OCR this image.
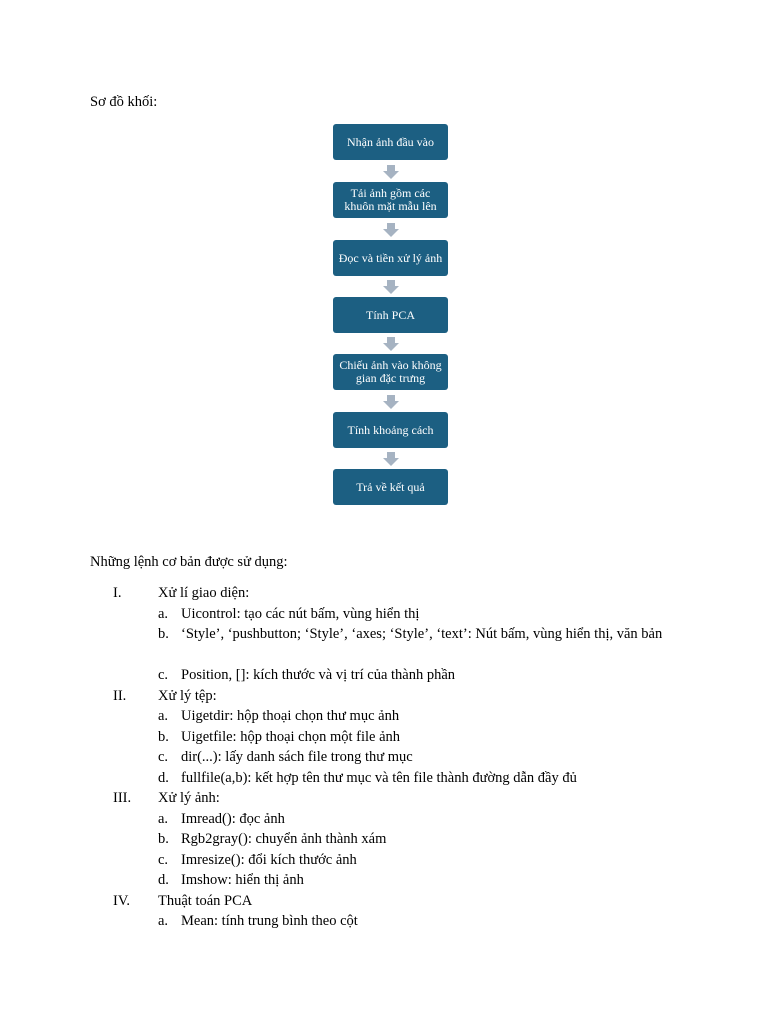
Sơ đồ khối:
Nhận ảnh đầu vào
Tải ảnh gồm các khuôn mặt mẫu lên
Đọc và tiền xử lý ảnh
Tính PCA
Chiếu ảnh vào không gian đặc trưng
Tính khoảng cách
Trả về kết quả
Những lệnh cơ bản được sử dụng:
I.	Xử lí giao diện:
a. Uicontrol: tạo các nút bấm, vùng hiển thị
b. ‘Style’, ‘pushbutton; ‘Style’, ‘axes; ‘Style’, ‘text’: Nút bấm, vùng hiển thị, văn bản
c. Position, []: kích thước và vị trí của thành phần
II. Xử lý tệp:
a. Uigetdir: hộp thoại chọn thư mục ảnh
b. Uigetfile: hộp thoại chọn một file ảnh
c. dir(...): lấy danh sách file trong thư mục
d. fullfile(a,b): kết hợp tên thư mục và tên file thành đường dẫn đầy đủ
III. Xử lý ảnh:
a. Imread(): đọc ảnh
b. Rgb2gray(): chuyển ảnh thành xám
c. Imresize(): đổi kích thước ảnh
d. Imshow: hiển thị ảnh
IV. Thuật toán PCA
a. Mean: tính trung bình theo cột
